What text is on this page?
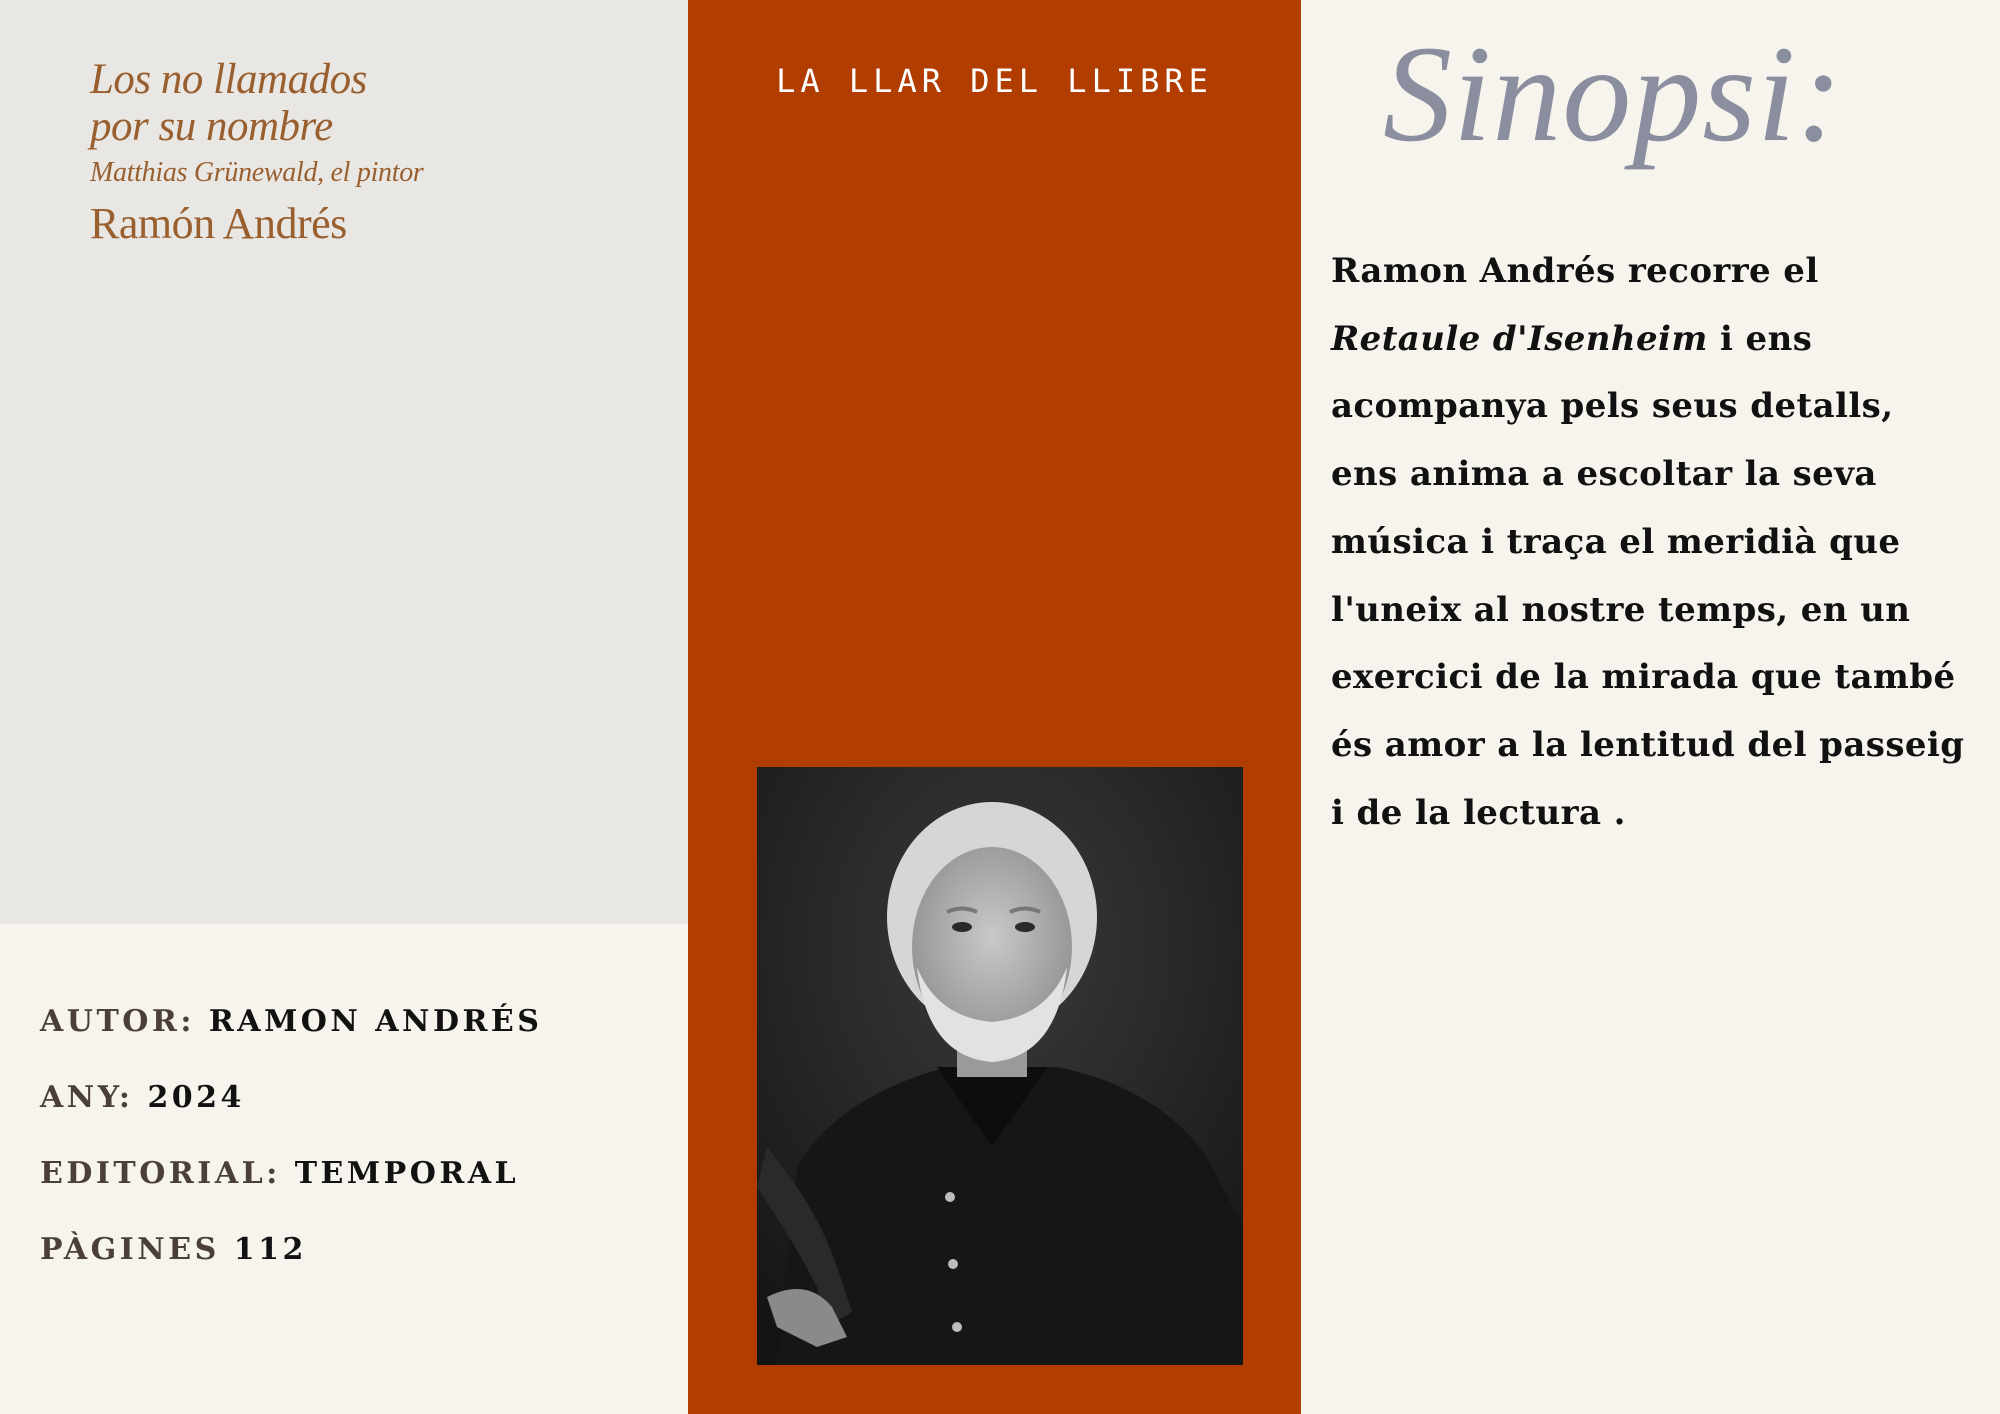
Los no llamados
por su nombre
Matthias Grünewald, el pintor
Ramón Andrés
AUTOR: RAMON ANDRÉS
ANY: 2024
EDITORIAL: TEMPORAL
PÀGINES 112
LA LLAR DEL LLIBRE	Sinopsi:

Ramon Andrés recorre el
Retaule d'Isenheim i ens acompanya pels seus detalls, ens anima a escoltar la seva música i traça el meridià que l'uneix al nostre temps, en un exercici de la mirada que també és amor a la lentitud del passeig i de la lectura .
